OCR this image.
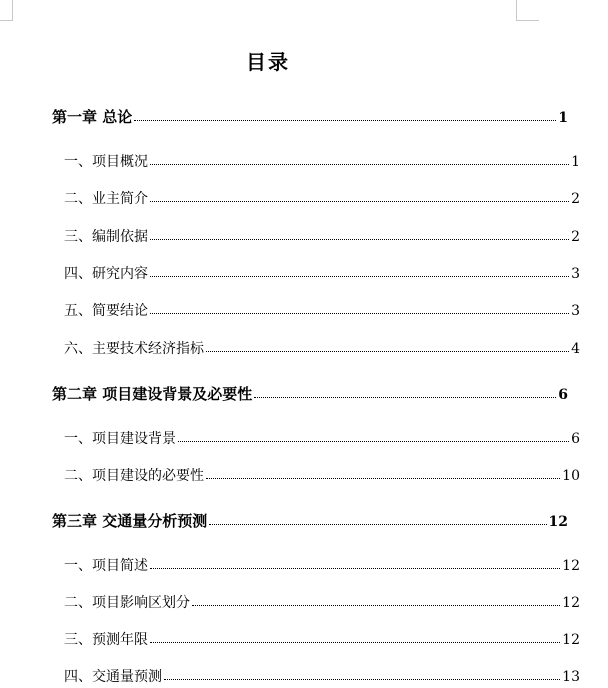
目录
第一章 总论	1
一、项目概况	1
二、业主简介	2
三、编制依据	2
四、研究内容	3
五、简要结论	3
六、主要技术经济指标	4
第二章 项目建设背景及必要性	6
一、项目建设背景	6
二、项目建设的必要性	10
第三章 交通量分析预测	12
一、项目简述	12
二、项目影响区划分	12
三、预测年限	12
四、交通量预测	13
